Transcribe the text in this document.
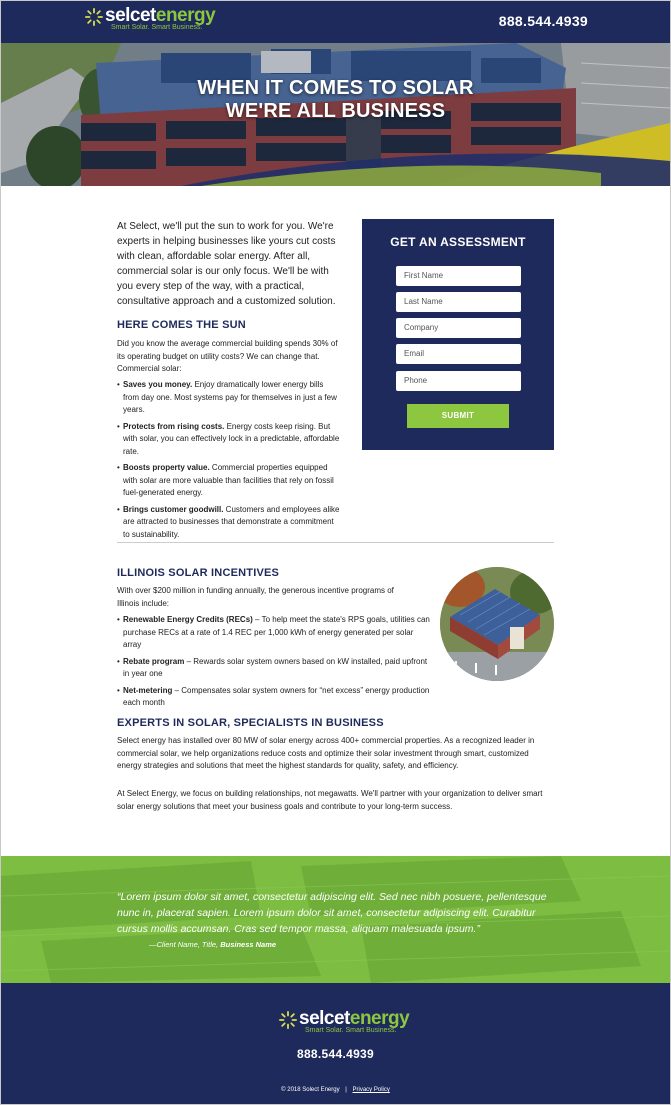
selcetenergy
Smart Solar. Smart Business.	888.544.4939
WHEN IT COMES TO SOLAR
WE'RE ALL BUSINESS
At Select, we'll put the sun to work for you. We're experts in helping businesses like yours cut costs with clean, affordable solar energy. After all, commercial solar is our only focus. We'll be with you every step of the way, with a practical, consultative approach and a customized solution.
HERE COMES THE SUN
Did you know the average commercial building spends 30% of its operating budget on utility costs? We can change that. Commercial solar:
• Saves you money. Enjoy dramatically lower energy bills from day one. Most systems pay for themselves in just a few years.
• Protects from rising costs. Energy costs keep rising. But with solar, you can effectively lock in a predictable, affordable rate.
• Boosts property value. Commercial properties equipped with solar are more valuable than facilities that rely on fossil fuel-generated energy.
• Brings customer goodwill. Customers and employees alike are attracted to businesses that demonstrate a commitment to sustainability.
GET AN ASSESSMENT
First Name
Last Name
Company
Email
Phone
SUBMIT
ILLINOIS SOLAR INCENTIVES
With over $200 million in funding annually, the generous incentive programs of Illinois include:
• Renewable Energy Credits (RECs) – To help meet the state's RPS goals, utilities can purchase RECs at a rate of 1.4 REC per 1,000 kWh of energy generated per solar array
• Rebate program – Rewards solar system owners based on kW installed, paid upfront in year one
• Net-metering – Compensates solar system owners for “net excess” energy production each month
EXPERTS IN SOLAR, SPECIALISTS IN BUSINESS
Select energy has installed over 80 MW of solar energy across 400+ commercial properties. As a recognized leader in commercial solar, we help organizations reduce costs and optimize their solar investment through smart, customized energy strategies and solutions that meet the highest standards for quality, safety, and efficiency.
At Select Energy, we focus on building relationships, not megawatts. We'll partner with your organization to deliver smart solar energy solutions that meet your business goals and contribute to your long-term success.
“Lorem ipsum dolor sit amet, consectetur adipiscing elit. Sed nec nibh posuere, pellentesque nunc in, placerat sapien. Lorem ipsum dolor sit amet, consectetur adipiscing elit. Curabitur cursus mollis accumsan. Cras sed tempor massa, aliquam malesuada ipsum.”
—Client Name, Title, Business Name
selcetenergy
Smart Solar. Smart Business.
888.544.4939
© 2018 Solect Energy | Privacy Policy
